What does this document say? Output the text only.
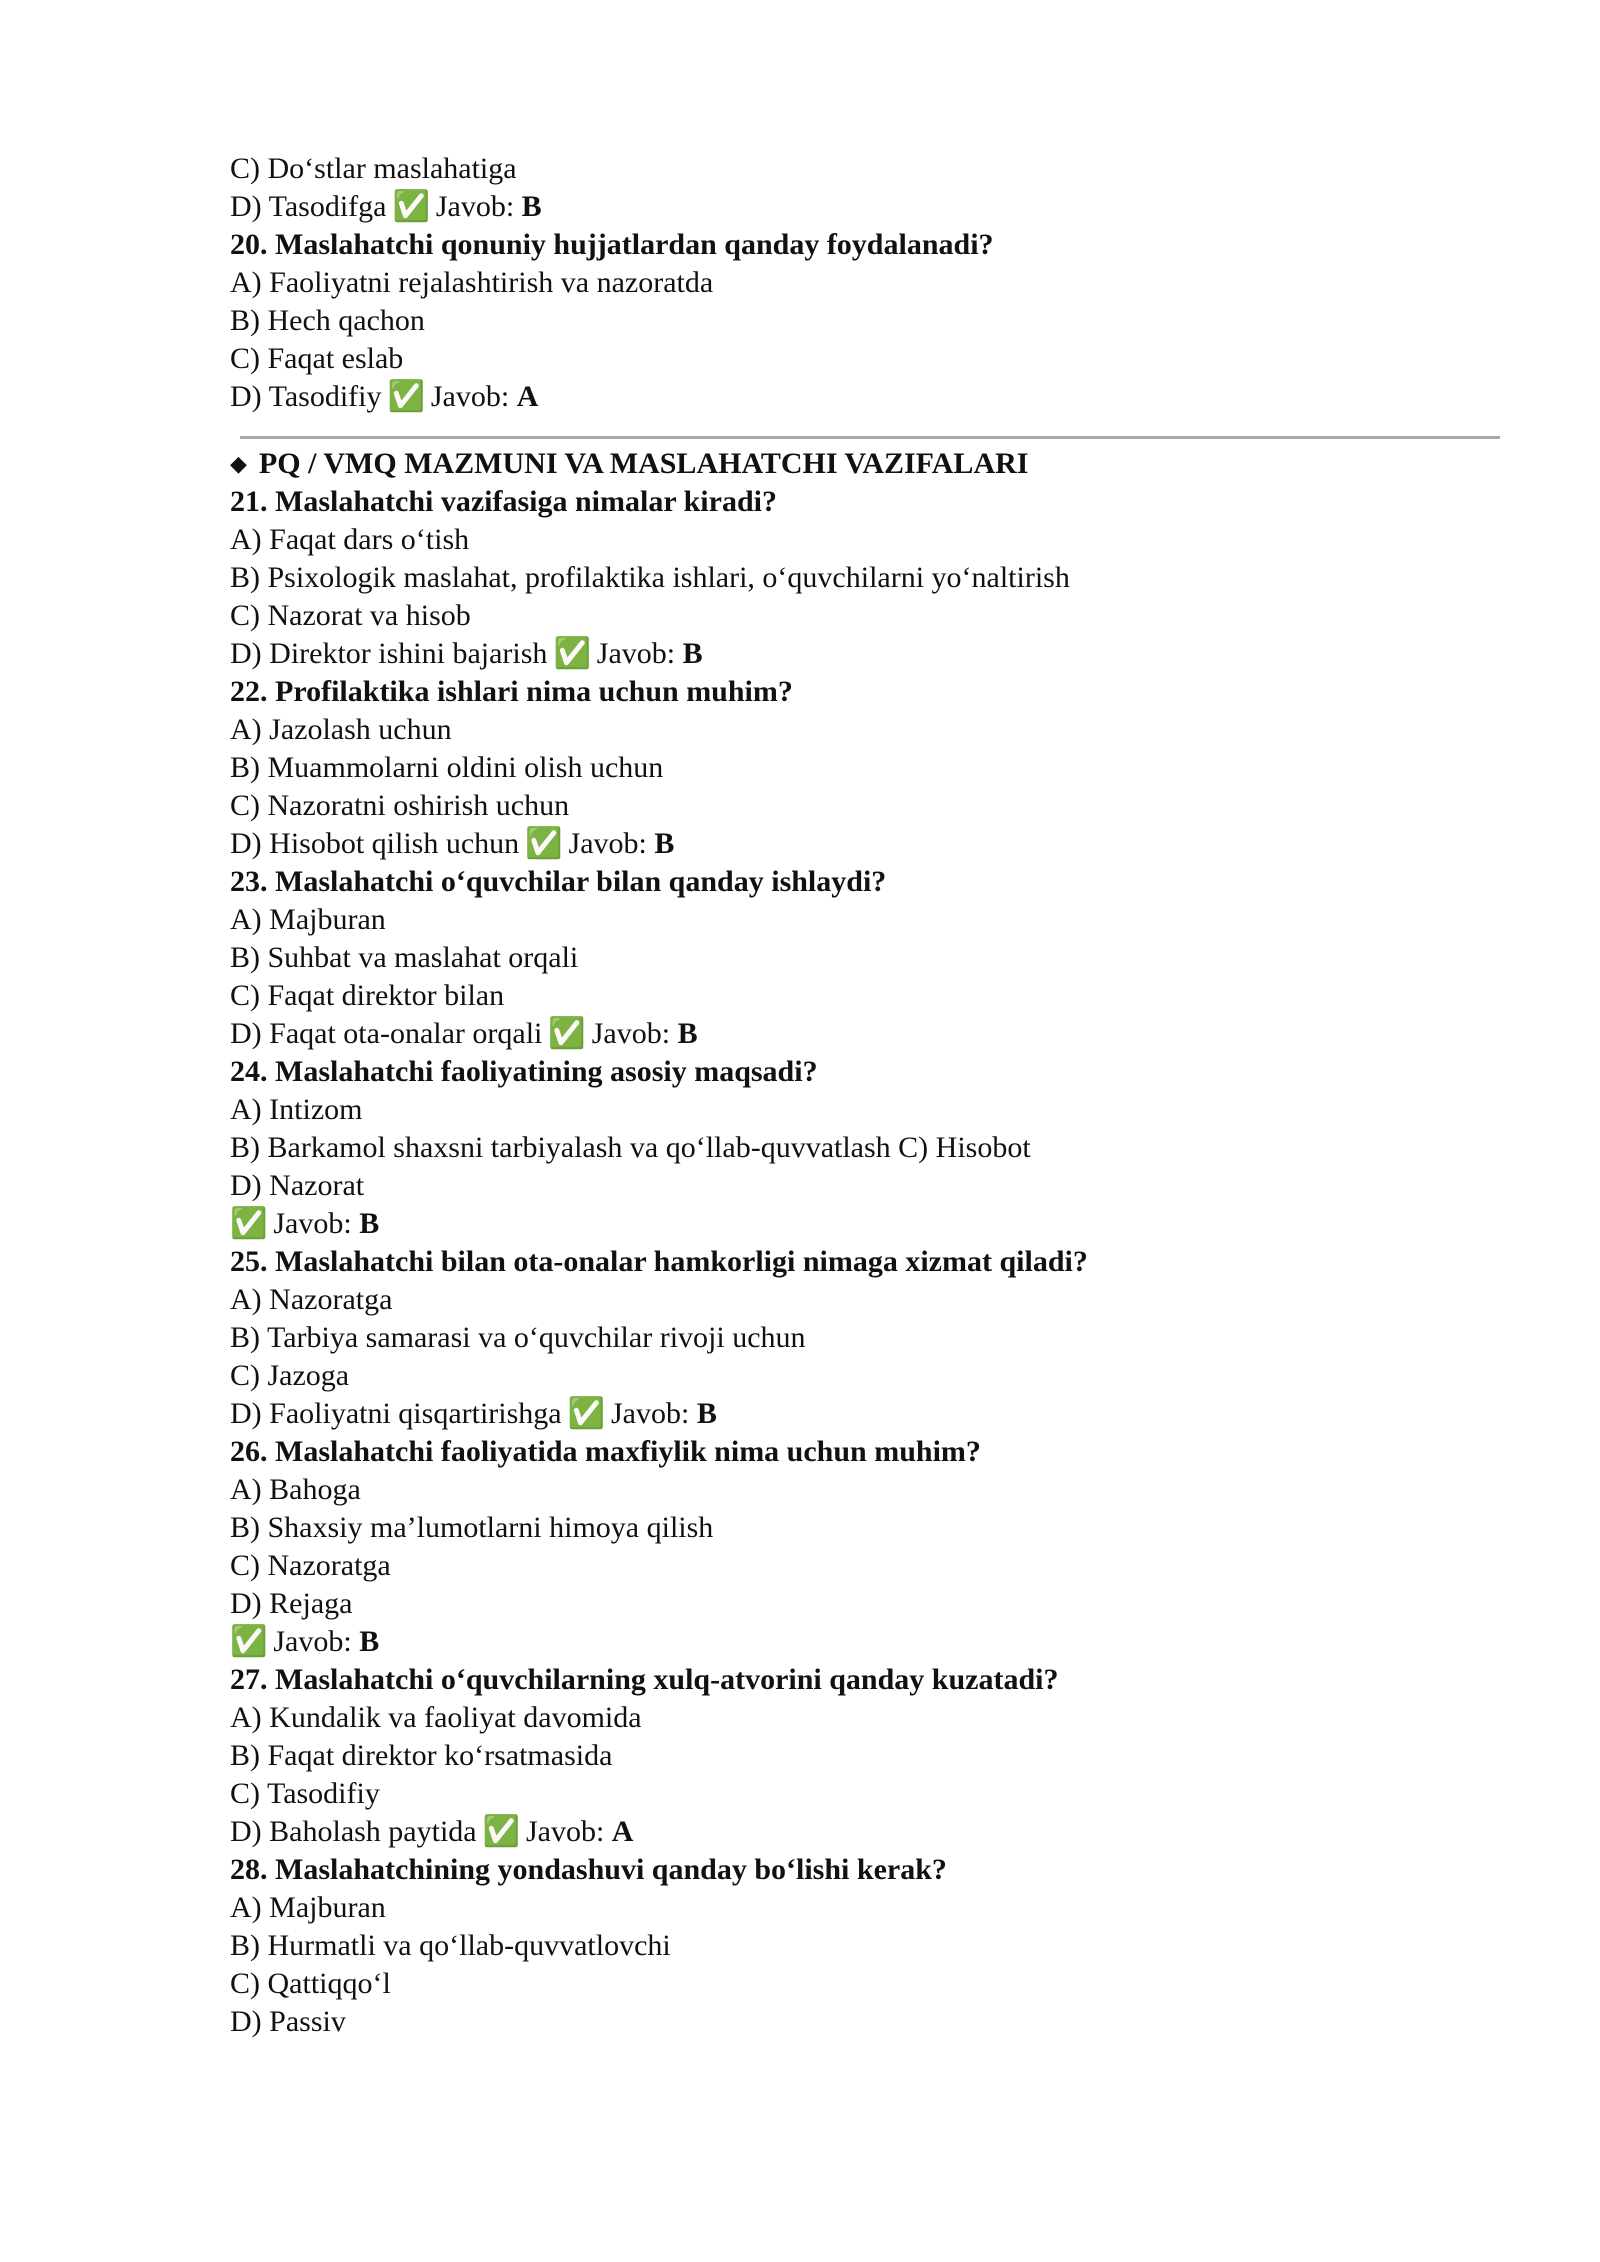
C) Do‘stlar maslahatiga
D) Tasodifga ✅ Javob: B
20. Maslahatchi qonuniy hujjatlardan qanday foydalanadi?
A) Faoliyatni rejalashtirish va nazoratda
B) Hech qachon
C) Faqat eslab
D) Tasodifiy ✅ Javob: A
◆ PQ / VMQ MAZMUNI VA MASLAHATCHI VAZIFALARI
21. Maslahatchi vazifasiga nimalar kiradi?
A) Faqat dars o‘tish
B) Psixologik maslahat, profilaktika ishlari, o‘quvchilarni yo‘naltirish
C) Nazorat va hisob
D) Direktor ishini bajarish ✅ Javob: B
22. Profilaktika ishlari nima uchun muhim?
A) Jazolash uchun
B) Muammolarni oldini olish uchun
C) Nazoratni oshirish uchun
D) Hisobot qilish uchun ✅ Javob: B
23. Maslahatchi o‘quvchilar bilan qanday ishlaydi?
A) Majburan
B) Suhbat va maslahat orqali
C) Faqat direktor bilan
D) Faqat ota-onalar orqali ✅ Javob: B
24. Maslahatchi faoliyatining asosiy maqsadi?
A) Intizom
B) Barkamol shaxsni tarbiyalash va qo‘llab-quvvatlash C) Hisobot
D) Nazorat
✅ Javob: B
25. Maslahatchi bilan ota-onalar hamkorligi nimaga xizmat qiladi?
A) Nazoratga
B) Tarbiya samarasi va o‘quvchilar rivoji uchun
C) Jazoga
D) Faoliyatni qisqartirishga ✅ Javob: B
26. Maslahatchi faoliyatida maxfiylik nima uchun muhim?
A) Bahoga
B) Shaxsiy ma’lumotlarni himoya qilish
C) Nazoratga
D) Rejaga
✅ Javob: B
27. Maslahatchi o‘quvchilarning xulq-atvorini qanday kuzatadi?
A) Kundalik va faoliyat davomida
B) Faqat direktor ko‘rsatmasida
C) Tasodifiy
D) Baholash paytida ✅ Javob: A
28. Maslahatchining yondashuvi qanday bo‘lishi kerak?
A) Majburan
B) Hurmatli va qo‘llab-quvvatlovchi
C) Qattiqqo‘l
D) Passiv
